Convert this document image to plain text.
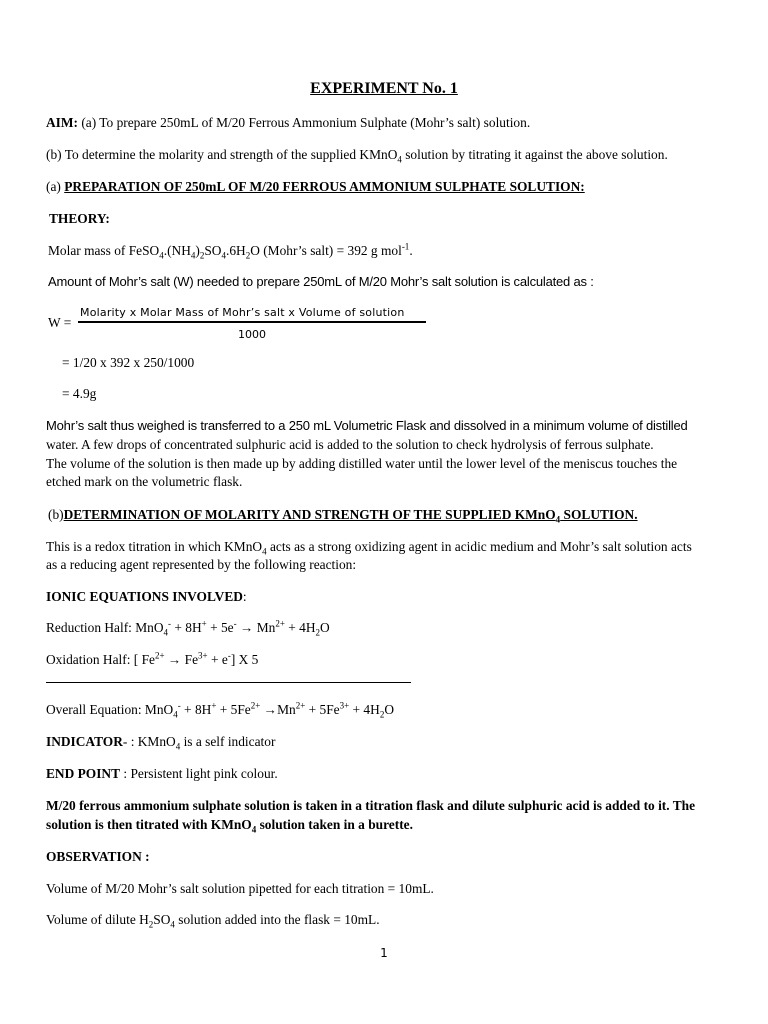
EXPERIMENT No. 1
AIM: (a) To prepare 250mL of M/20 Ferrous Ammonium Sulphate (Mohr’s salt) solution.
(b) To determine the molarity and strength of the supplied KMnO$_4$ solution by titrating it against the above solution.
(a) PREPARATION OF 250mL OF M/20 FERROUS AMMONIUM SULPHATE SOLUTION:
THEORY:
Molar mass of $FeSO_4.(NH_4)_2SO_4.6H_2O$ (Mohr’s salt) = 392 g mol$^{-1}$.
Amount of Mohr’s salt (W) needed to prepare 250mL of M/20 Mohr’s salt solution is calculated as :
W =
Molarity x Molar Mass of Mohr’s salt x Volume of solution
1000
= 1/20 x 392 x 250/1000
= 4.9g
Mohr’s salt thus weighed is transferred to a 250 mL Volumetric Flask and dissolved in a minimum volume of distilled
water. A few drops of concentrated sulphuric acid is added to the solution to check hydrolysis of ferrous sulphate.
The volume of the solution is then made up by adding distilled water until the lower level of the meniscus touches the
etched mark on the volumetric flask.
(b)DETERMINATION OF MOLARITY AND STRENGTH OF THE SUPPLIED KMnO$_4$ SOLUTION.
This is a redox titration in which KMnO$_4$ acts as a strong oxidizing agent in acidic medium and Mohr’s salt solution acts
as a reducing agent represented by the following reaction:
IONIC EQUATIONS INVOLVED:
Reduction Half: $MnO_4^- + 8H^+ + 5e^- \to Mn^{2+} + 4H_2O$
Oxidation Half: [ $Fe^{2+} \to Fe^{3+} + e^-$] X 5
Overall Equation: $MnO_4^- + 8H^+ + 5Fe^{2+} \to Mn^{2+} + 5Fe^{3+} + 4H_2O$
INDICATOR- : KMnO$_4$ is a self indicator
END POINT : Persistent light pink colour.
M/20 ferrous ammonium sulphate solution is taken in a titration flask and dilute sulphuric acid is added to it. The
solution is then titrated with KMnO$_4$ solution taken in a burette.
OBSERVATION :
Volume of M/20 Mohr’s salt solution pipetted for each titration = 10mL.
Volume of dilute $H_2SO_4$ solution added into the flask = 10mL.
1
